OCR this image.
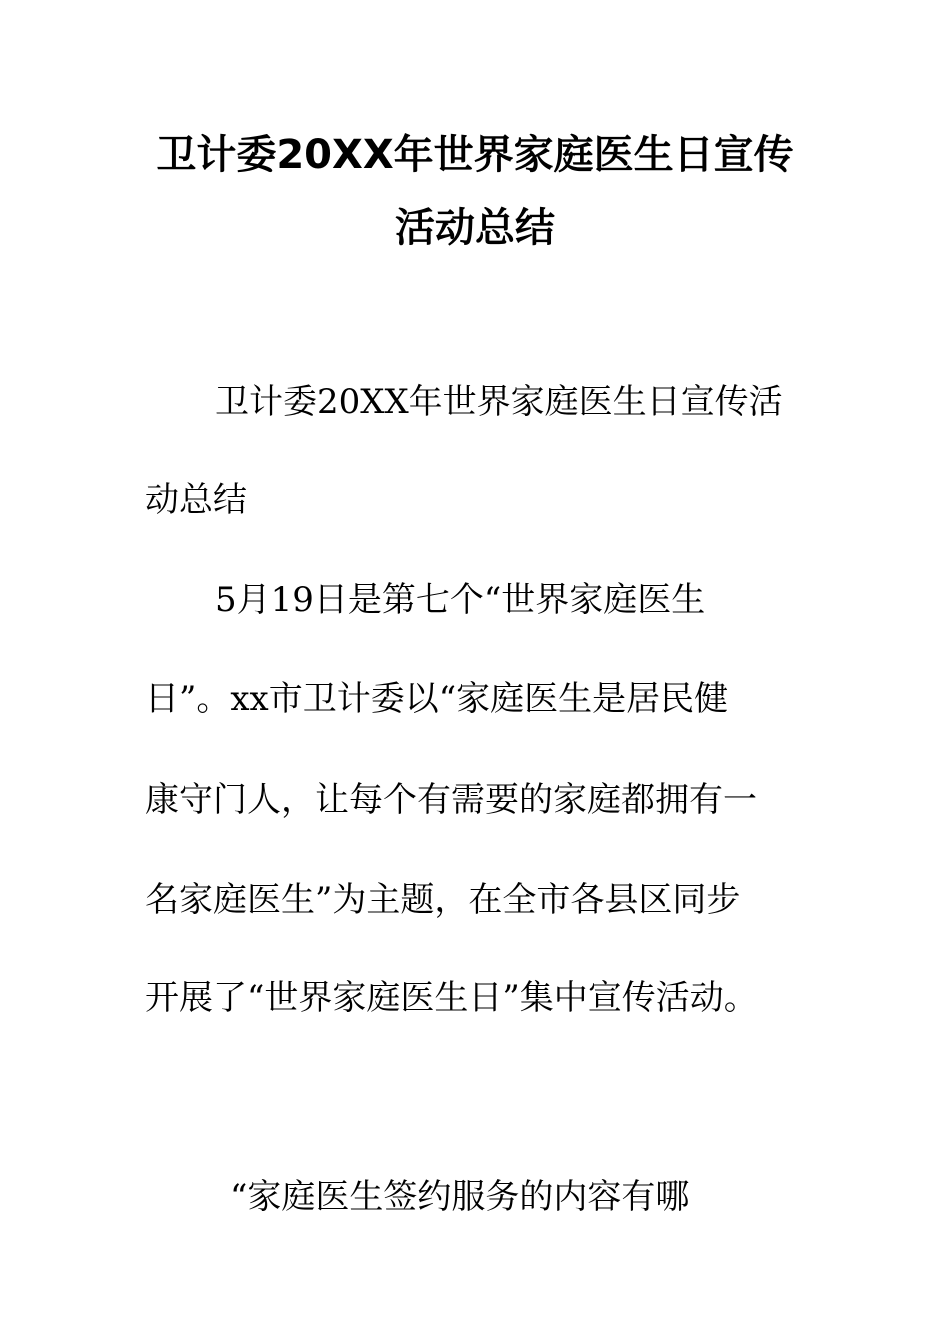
卫计委20XX年世界家庭医生日宣传
活动总结
卫计委20XX年世界家庭医生日宣传活
动总结
5月19日是第七个“世界家庭医生
日”。xx市卫计委以“家庭医生是居民健
康守门人，让每个有需要的家庭都拥有一
名家庭医生”为主题，在全市各县区同步
开展了“世界家庭医生日”集中宣传活动。
“家庭医生签约服务的内容有哪
